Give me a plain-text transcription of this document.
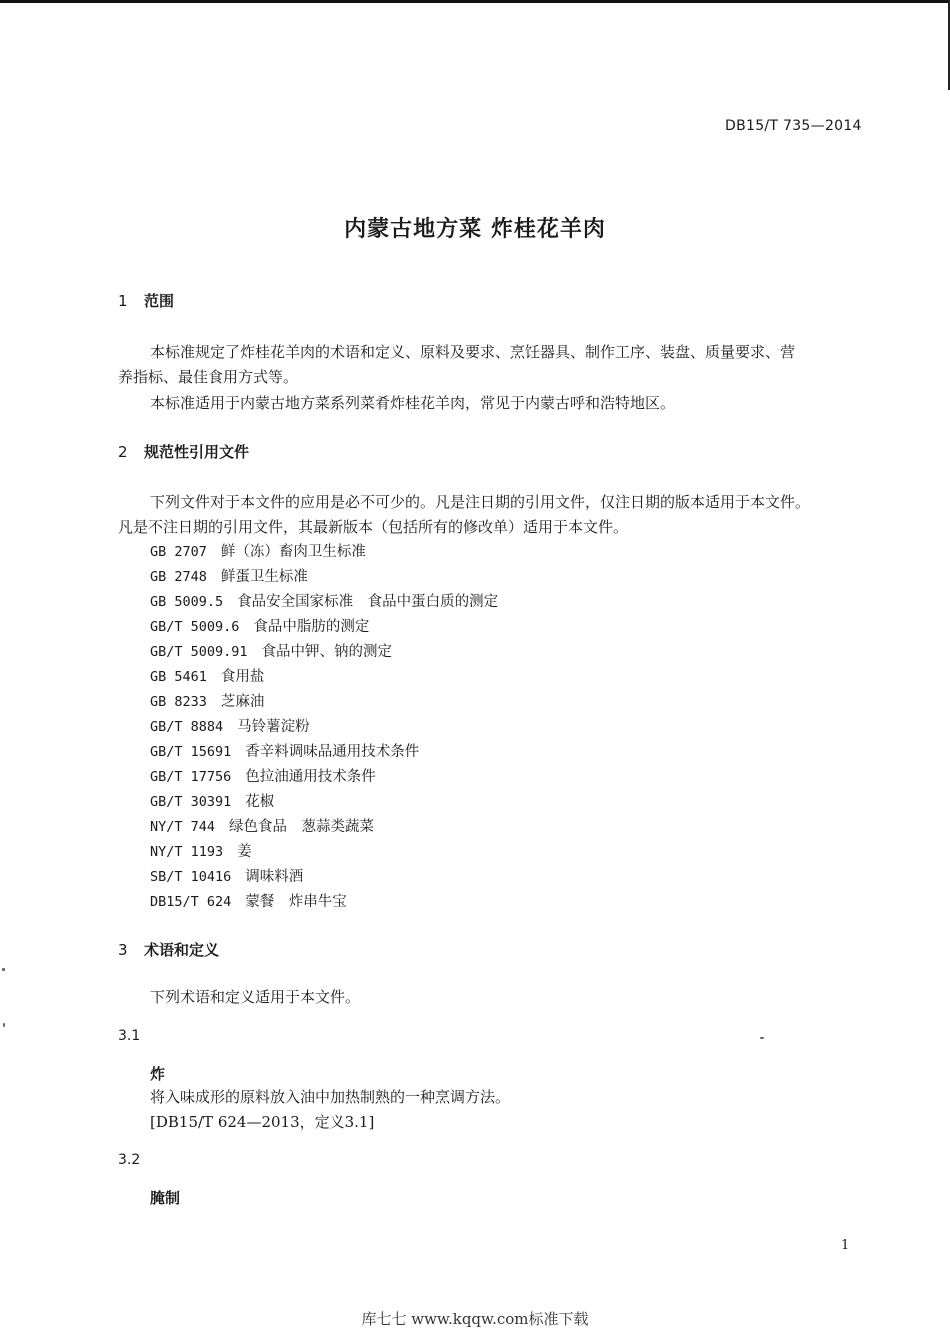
DB15/T 735—2014
内蒙古地方菜 炸桂花羊肉
1 范围
本标准规定了炸桂花羊肉的术语和定义、原料及要求、烹饪器具、制作工序、装盘、质量要求、营
养指标、最佳食用方式等。
本标准适用于内蒙古地方菜系列菜肴炸桂花羊肉，常见于内蒙古呼和浩特地区。
2 规范性引用文件
下列文件对于本文件的应用是必不可少的。凡是注日期的引用文件，仅注日期的版本适用于本文件。
凡是不注日期的引用文件，其最新版本（包括所有的修改单）适用于本文件。
GB 2707 鲜（冻）畜肉卫生标准
GB 2748 鲜蛋卫生标准
GB 5009.5 食品安全国家标准　食品中蛋白质的测定
GB/T 5009.6 食品中脂肪的测定
GB/T 5009.91 食品中钾、钠的测定
GB 5461 食用盐
GB 8233 芝麻油
GB/T 8884 马铃薯淀粉
GB/T 15691 香辛料调味品通用技术条件
GB/T 17756 色拉油通用技术条件
GB/T 30391 花椒
NY/T 744 绿色食品　葱蒜类蔬菜
NY/T 1193 姜
SB/T 10416 调味料酒
DB15/T 624 蒙餐　炸串牛宝
3 术语和定义
下列术语和定义适用于本文件。
3.1
炸
将入味成形的原料放入油中加热制熟的一种烹调方法。
[DB15/T 624—2013，定义3.1]
3.2
腌制
1
库七七 www.kqqw.com标准下载
